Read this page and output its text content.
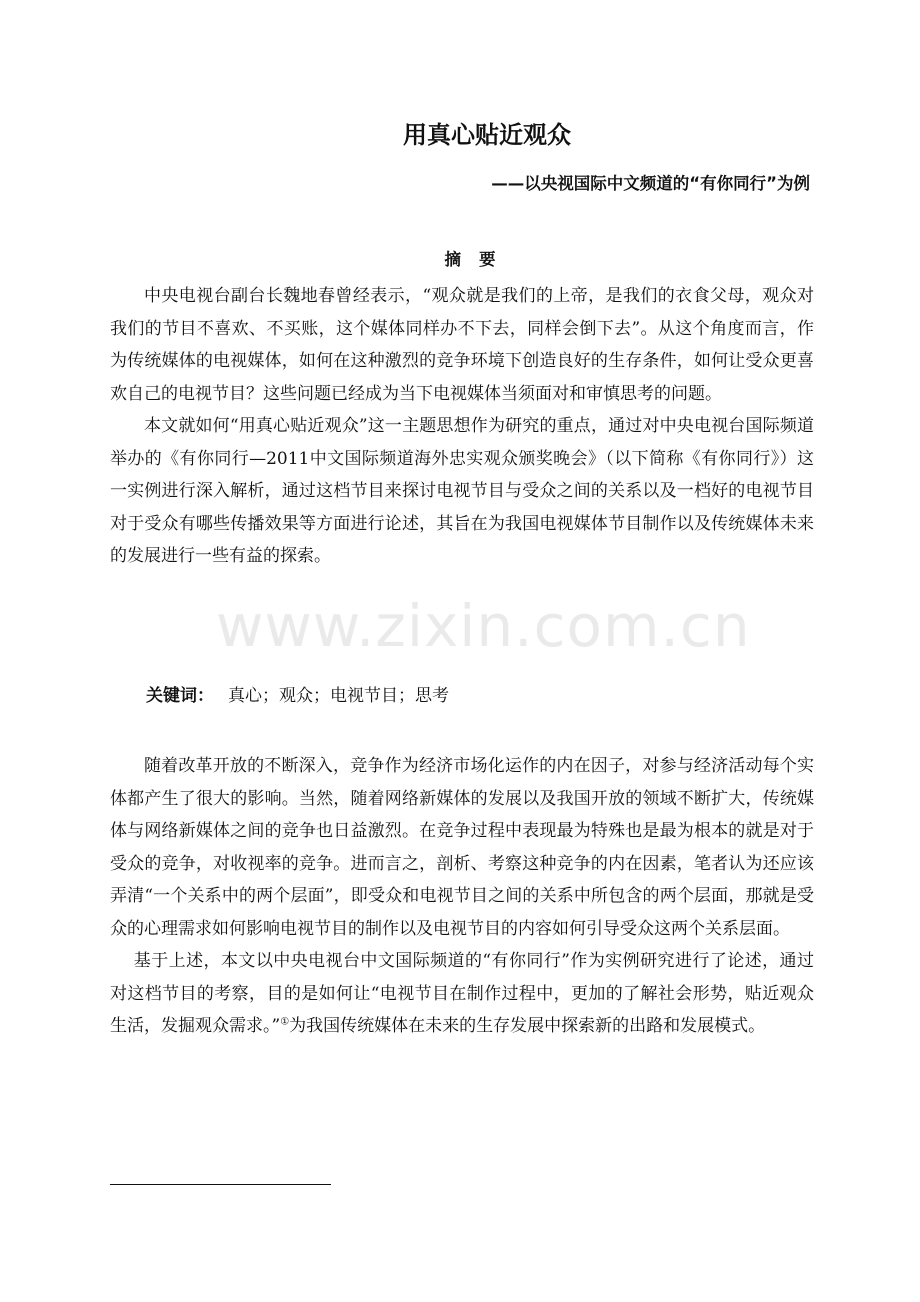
www.zixin.com.cn
用真心贴近观众
——以央视国际中文频道的“有你同行”为例
摘要

中央电视台副台长魏地春曾经表示，“观众就是我们的上帝，是我们的衣食父母，观众对我们的节目不喜欢、不买账，这个媒体同样办不下去，同样会倒下去”。从这个角度而言，作为传统媒体的电视媒体，如何在这种激烈的竞争环境下创造良好的生存条件，如何让受众更喜欢自己的电视节目？这些问题已经成为当下电视媒体当须面对和审慎思考的问题。

本文就如何“用真心贴近观众”这一主题思想作为研究的重点，通过对中央电视台国际频道举办的《有你同行—2011中文国际频道海外忠实观众颁奖晚会》（以下简称《有你同行》）这一实例进行深入解析，通过这档节目来探讨电视节目与受众之间的关系以及一档好的电视节目对于受众有哪些传播效果等方面进行论述，其旨在为我国电视媒体节目制作以及传统媒体未来的发展进行一些有益的探索。

关键词： 真心；观众；电视节目；思考

随着改革开放的不断深入，竞争作为经济市场化运作的内在因子，对参与经济活动每个实体都产生了很大的影响。当然，随着网络新媒体的发展以及我国开放的领域不断扩大，传统媒体与网络新媒体之间的竞争也日益激烈。在竞争过程中表现最为特殊也是最为根本的就是对于受众的竞争，对收视率的竞争。进而言之，剖析、考察这种竞争的内在因素，笔者认为还应该弄清“一个关系中的两个层面”，即受众和电视节目之间的关系中所包含的两个层面，那就是受众的心理需求如何影响电视节目的制作以及电视节目的内容如何引导受众这两个关系层面。

基于上述，本文以中央电视台中文国际频道的“有你同行”作为实例研究进行了论述，通过对这档节目的考察，目的是如何让“电视节目在制作过程中，更加的了解社会形势，贴近观众生活，发掘观众需求。”①为我国传统媒体在未来的生存发展中探索新的出路和发展模式。
